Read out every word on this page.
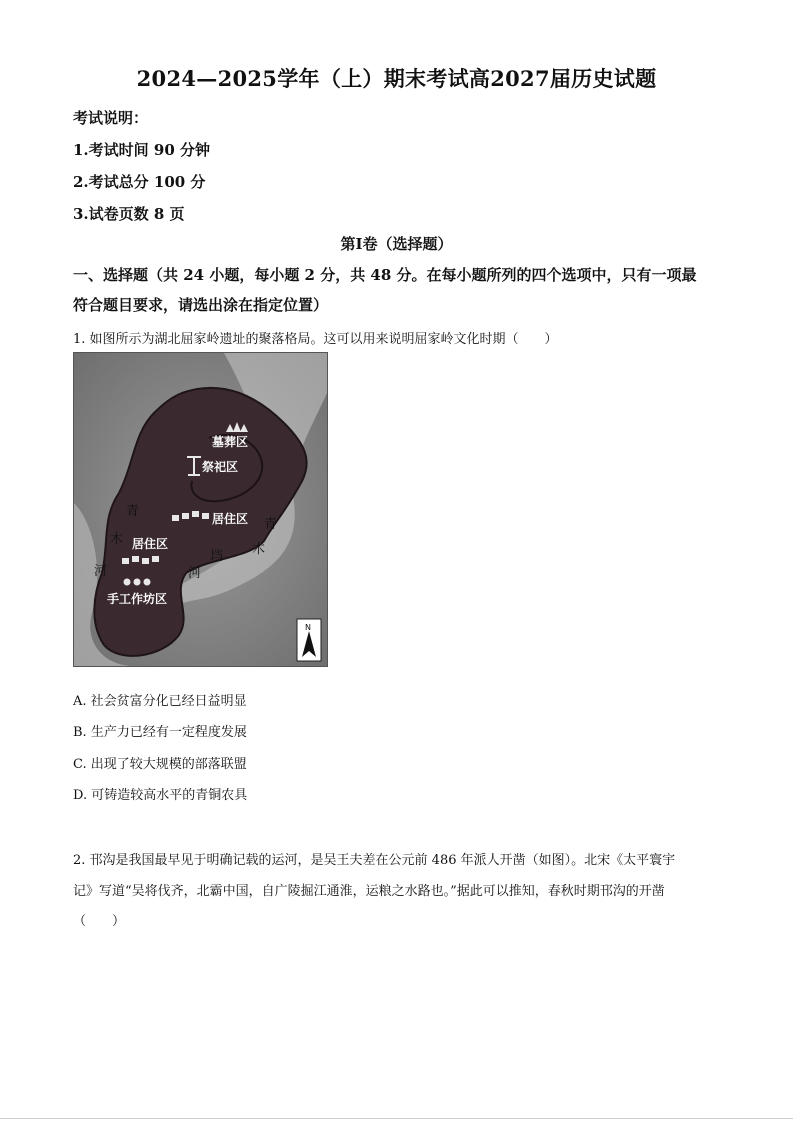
2024—2025学年（上）期末考试高2027届历史试题
考试说明：
1.考试时间 90 分钟
2.考试总分 100 分
3.试卷页数 8 页
第Ⅰ卷（选择题）
一、选择题（共 24 小题，每小题 2 分，共 48 分。在每小题所列的四个选项中，只有一项最
符合题目要求，请选出涂在指定位置）
1. 如图所示为湖北屈家岭遗址的聚落格局。这可以用来说明屈家岭文化时期（　　）
墓葬区
祭祀区
居住区
居住区
手工作坊区
青
木
河
青
木
垱
河
N
A. 社会贫富分化已经日益明显
B. 生产力已经有一定程度发展
C. 出现了较大规模的部落联盟
D. 可铸造较高水平的青铜农具
2. 邗沟是我国最早见于明确记载的运河，是吴王夫差在公元前 486 年派人开凿（如图）。北宋《太平寰宇
记》写道“吴将伐齐，北霸中国，自广陵掘江通淮，运粮之水路也。”据此可以推知，春秋时期邗沟的开凿
（　　）
